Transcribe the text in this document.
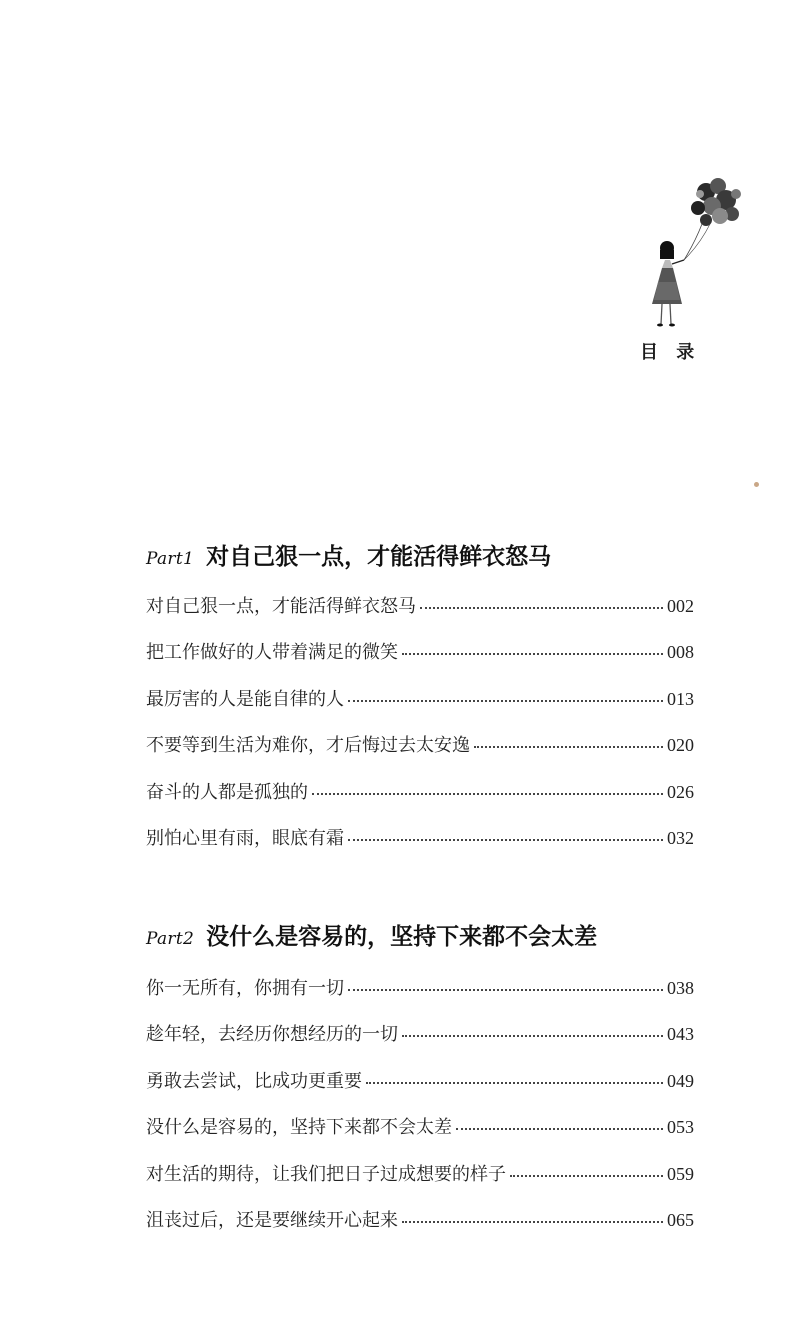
目 录
Part1 对自己狠一点，才能活得鲜衣怒马
对自己狠一点，才能活得鲜衣怒马	002
把工作做好的人带着满足的微笑	008
最厉害的人是能自律的人	013
不要等到生活为难你，才后悔过去太安逸	020
奋斗的人都是孤独的	026
别怕心里有雨，眼底有霜	032
Part2 没什么是容易的，坚持下来都不会太差
你一无所有，你拥有一切	038
趁年轻，去经历你想经历的一切	043
勇敢去尝试，比成功更重要	049
没什么是容易的，坚持下来都不会太差	053
对生活的期待，让我们把日子过成想要的样子	059
沮丧过后，还是要继续开心起来	065
